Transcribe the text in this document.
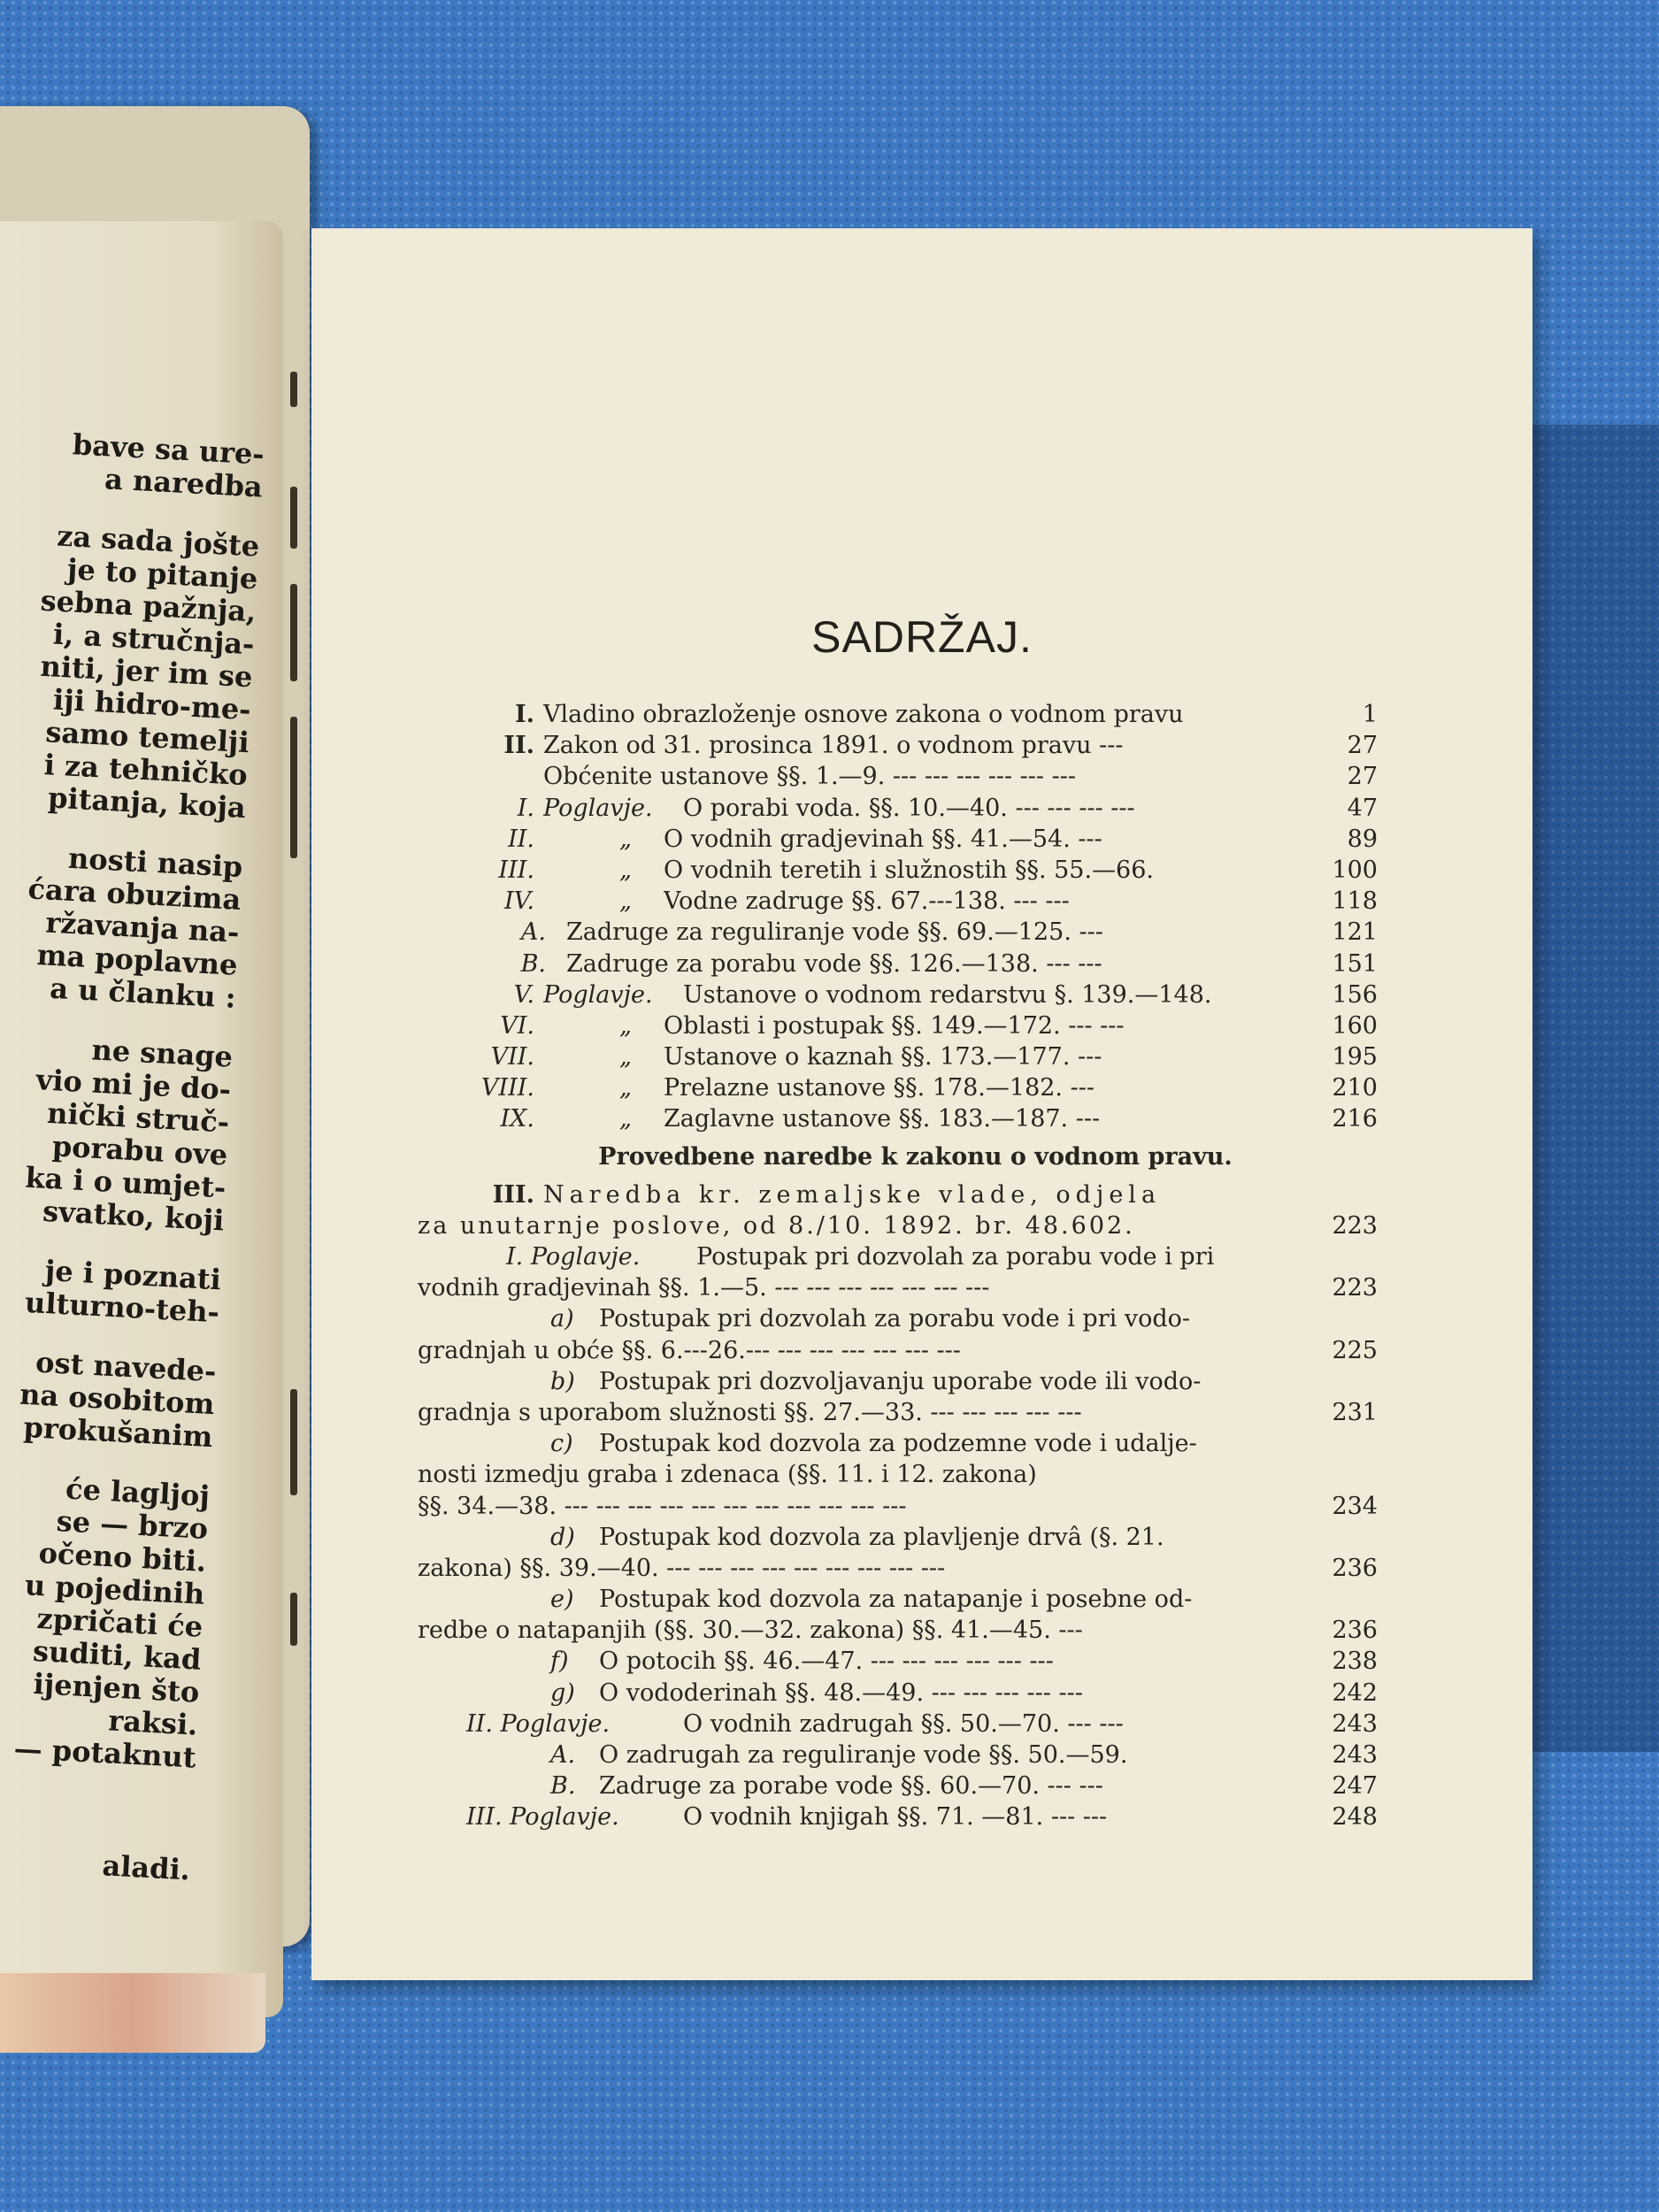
bave sa ure-
a naredba
za sada jošte
je to pitanje
sebna pažnja,
i, a stručnja-
niti, jer im se
iji hidro-me-
samo temelji
i za tehničko
pitanja, koja
nosti nasip
ćara obuzima
ržavanja na-
ma poplavne
a u članku :
ne snage
vio mi je do-
nički struč-
porabu ove
ka i o umjet-
svatko, koji
je i poznati
ulturno-teh-
ost navede-
na osobitom
prokušanim
će lagljoj
se — brzo
očeno biti.
u pojedinih
zpričati će
suditi, kad
ijenjen što
raksi.
— potaknut
aladi.
SADRŽAJ.
I. Vladino obrazloženje osnove zakona o vodnom pravu	1
II. Zakon od 31. prosinca 1891. o vodnom pravu ---	27
Obćenite ustanove §§. 1.—9. --- --- --- --- --- ---	27
I. Poglavje.	O porabi voda. §§. 10.—40. --- --- --- ---	47
II.	„ O vodnih gradjevinah §§. 41.—54. ---	89
III.	„ O vodnih teretih i služnostih §§. 55.—66.	100
IV.	„ Vodne zadruge §§. 67.---138. --- ---	118
A. Zadruge za reguliranje vode §§. 69.—125. ---	121
B. Zadruge za porabu vode §§. 126.—138. --- ---	151
V. Poglavje.	Ustanove o vodnom redarstvu §. 139.—148.	156
VI.	„ Oblasti i postupak §§. 149.—172. --- ---	160
VII.	„ Ustanove o kaznah §§. 173.—177. ---	195
VIII.	„ Prelazne ustanove §§. 178.—182. ---	210
IX.	„ Zaglavne ustanove §§. 183.—187. ---	216
Provedbene naredbe k zakonu o vodnom pravu.
III. Naredba kr. zemaljske vlade, odjela
za unutarnje poslove, od 8./10. 1892. br. 48.602.	223
I. Poglavje. Postupak pri dozvolah za porabu vode i pri
vodnih gradjevinah §§. 1.—5. --- --- --- --- --- --- ---	223
a) Postupak pri dozvolah za porabu vode i pri vodo-
gradnjah u obće §§. 6.---26.--- --- --- --- --- --- ---	225
b) Postupak pri dozvoljavanju uporabe vode ili vodo-
gradnja s uporabom služnosti §§. 27.—33. --- --- --- --- ---	231
c) Postupak kod dozvola za podzemne vode i udalje-
nosti izmedju graba i zdenaca (§§. 11. i 12. zakona)
§§. 34.—38. --- --- --- --- --- --- --- --- --- --- ---	234
d) Postupak kod dozvola za plavljenje drvâ (§. 21.
zakona) §§. 39.—40. --- --- --- --- --- --- --- --- ---	236
e) Postupak kod dozvola za natapanje i posebne od-
redbe o natapanjih (§§. 30.—32. zakona) §§. 41.—45. ---	236
f) O potocih §§. 46.—47. --- --- --- --- --- ---	238
g) O vododerinah §§. 48.—49. --- --- --- --- ---	242
II. Poglavje.	O vodnih zadrugah §§. 50.—70. --- ---	243
A. O zadrugah za reguliranje vode §§. 50.—59.	243
B. Zadruge za porabe vode §§. 60.—70. --- ---	247
III. Poglavje.	O vodnih knjigah §§. 71. —81. --- ---	248
